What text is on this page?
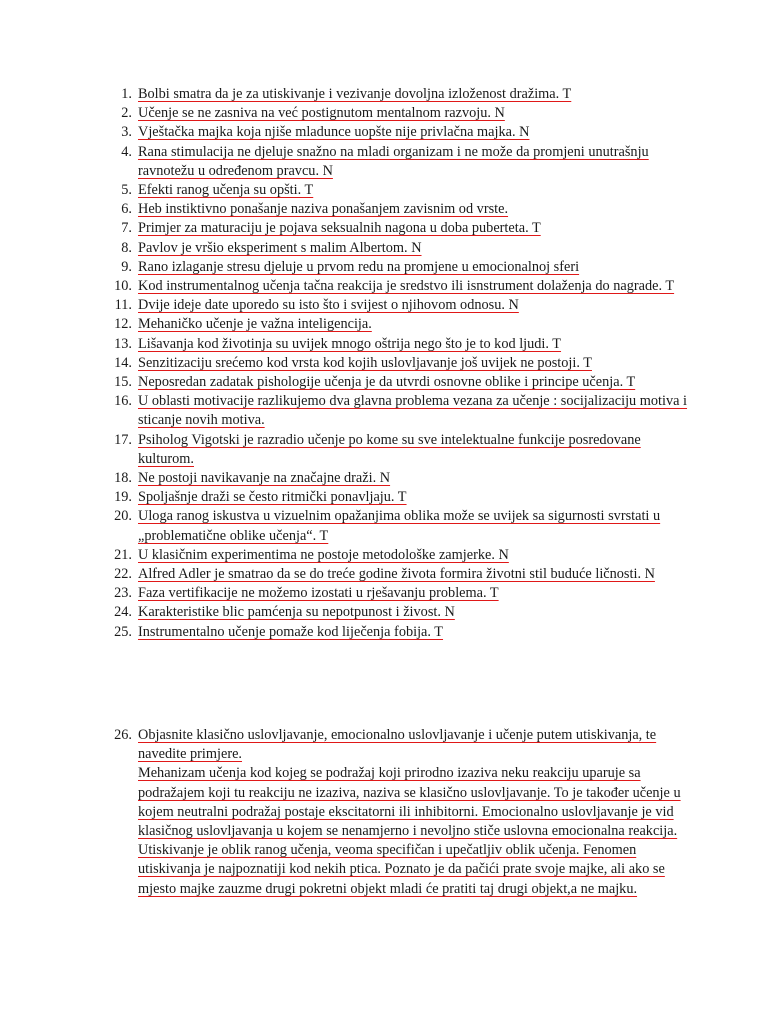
1. Bolbi smatra da je za utiskivanje i vezivanje dovoljna izloženost dražima. T
2. Učenje se ne zasniva na već postignutom mentalnom razvoju. N
3. Vještačka majka koja njiše mladunce uopšte nije privlačna majka. N
4. Rana stimulacija ne djeluje snažno na mladi organizam i ne može da promjeni unutrašnju ravnotežu u određenom pravcu. N
5. Efekti ranog učenja su opšti. T
6. Heb instiktivno ponašanje naziva ponašanjem zavisnim od vrste.
7. Primjer za maturaciju je pojava seksualnih nagona u doba puberteta. T
8. Pavlov je vršio eksperiment s malim Albertom. N
9. Rano izlaganje stresu djeluje u prvom redu na promjene u emocionalnoj sferi
10. Kod instrumentalnog učenja tačna reakcija je sredstvo ili isnstrument dolaženja do nagrade. T
11. Dvije ideje date uporedo su isto što i svijest o njihovom odnosu. N
12. Mehaničko učenje je važna inteligencija.
13. Lišavanja kod životinja su uvijek mnogo oštrija nego što je to kod ljudi. T
14. Senzitizaciju srećemo kod vrsta kod kojih uslovljavanje još uvijek ne postoji. T
15. Neposredan zadatak pishologije učenja je da utvrdi osnovne oblike i principe učenja. T
16. U oblasti motivacije razlikujemo dva glavna problema vezana za učenje : socijalizaciju motiva i sticanje novih motiva.
17. Psiholog Vigotski je razradio učenje po kome su sve intelektualne funkcije posredovane kulturom.
18. Ne postoji navikavanje na značajne draži. N
19. Spoljašnje draži se često ritmički ponavljaju. T
20. Uloga ranog iskustva u vizuelnim opažanjima oblika može se uvijek sa sigurnosti svrstati u „problematične oblike učenja“. T
21. U klasičnim experimentima ne postoje metodološke zamjerke. N
22. Alfred Adler je smatrao da se do treće godine života formira životni stil buduće ličnosti. N
23. Faza vertifikacije ne možemo izostati u rješavanju problema. T
24. Karakteristike blic pamćenja su nepotpunost i živost. N
25. Instrumentalno učenje pomaže kod liječenja fobija. T
26. Objasnite klasično uslovljavanje, emocionalno uslovljavanje i učenje putem utiskivanja, te navedite primjere.
Mehanizam učenja kod kojeg se podražaj koji prirodno izaziva neku reakciju uparuje sa podražajem koji tu reakciju ne izaziva, naziva se klasično uslovljavanje. To je također učenje u kojem neutralni podražaj postaje ekscitatorni ili inhibitorni. Emocionalno uslovljavanje je vid klasičnog uslovljavanja u kojem se nenamjerno i nevoljno stiče uslovna emocionalna reakcija. Utiskivanje je oblik ranog učenja, veoma specifičan i upečatljiv oblik učenja. Fenomen utiskivanja je najpoznatiji kod nekih ptica. Poznato je da pačići prate svoje majke, ali ako se mjesto majke zauzme drugi pokretni objekt mladi će pratiti taj drugi objekt,a ne majku.
